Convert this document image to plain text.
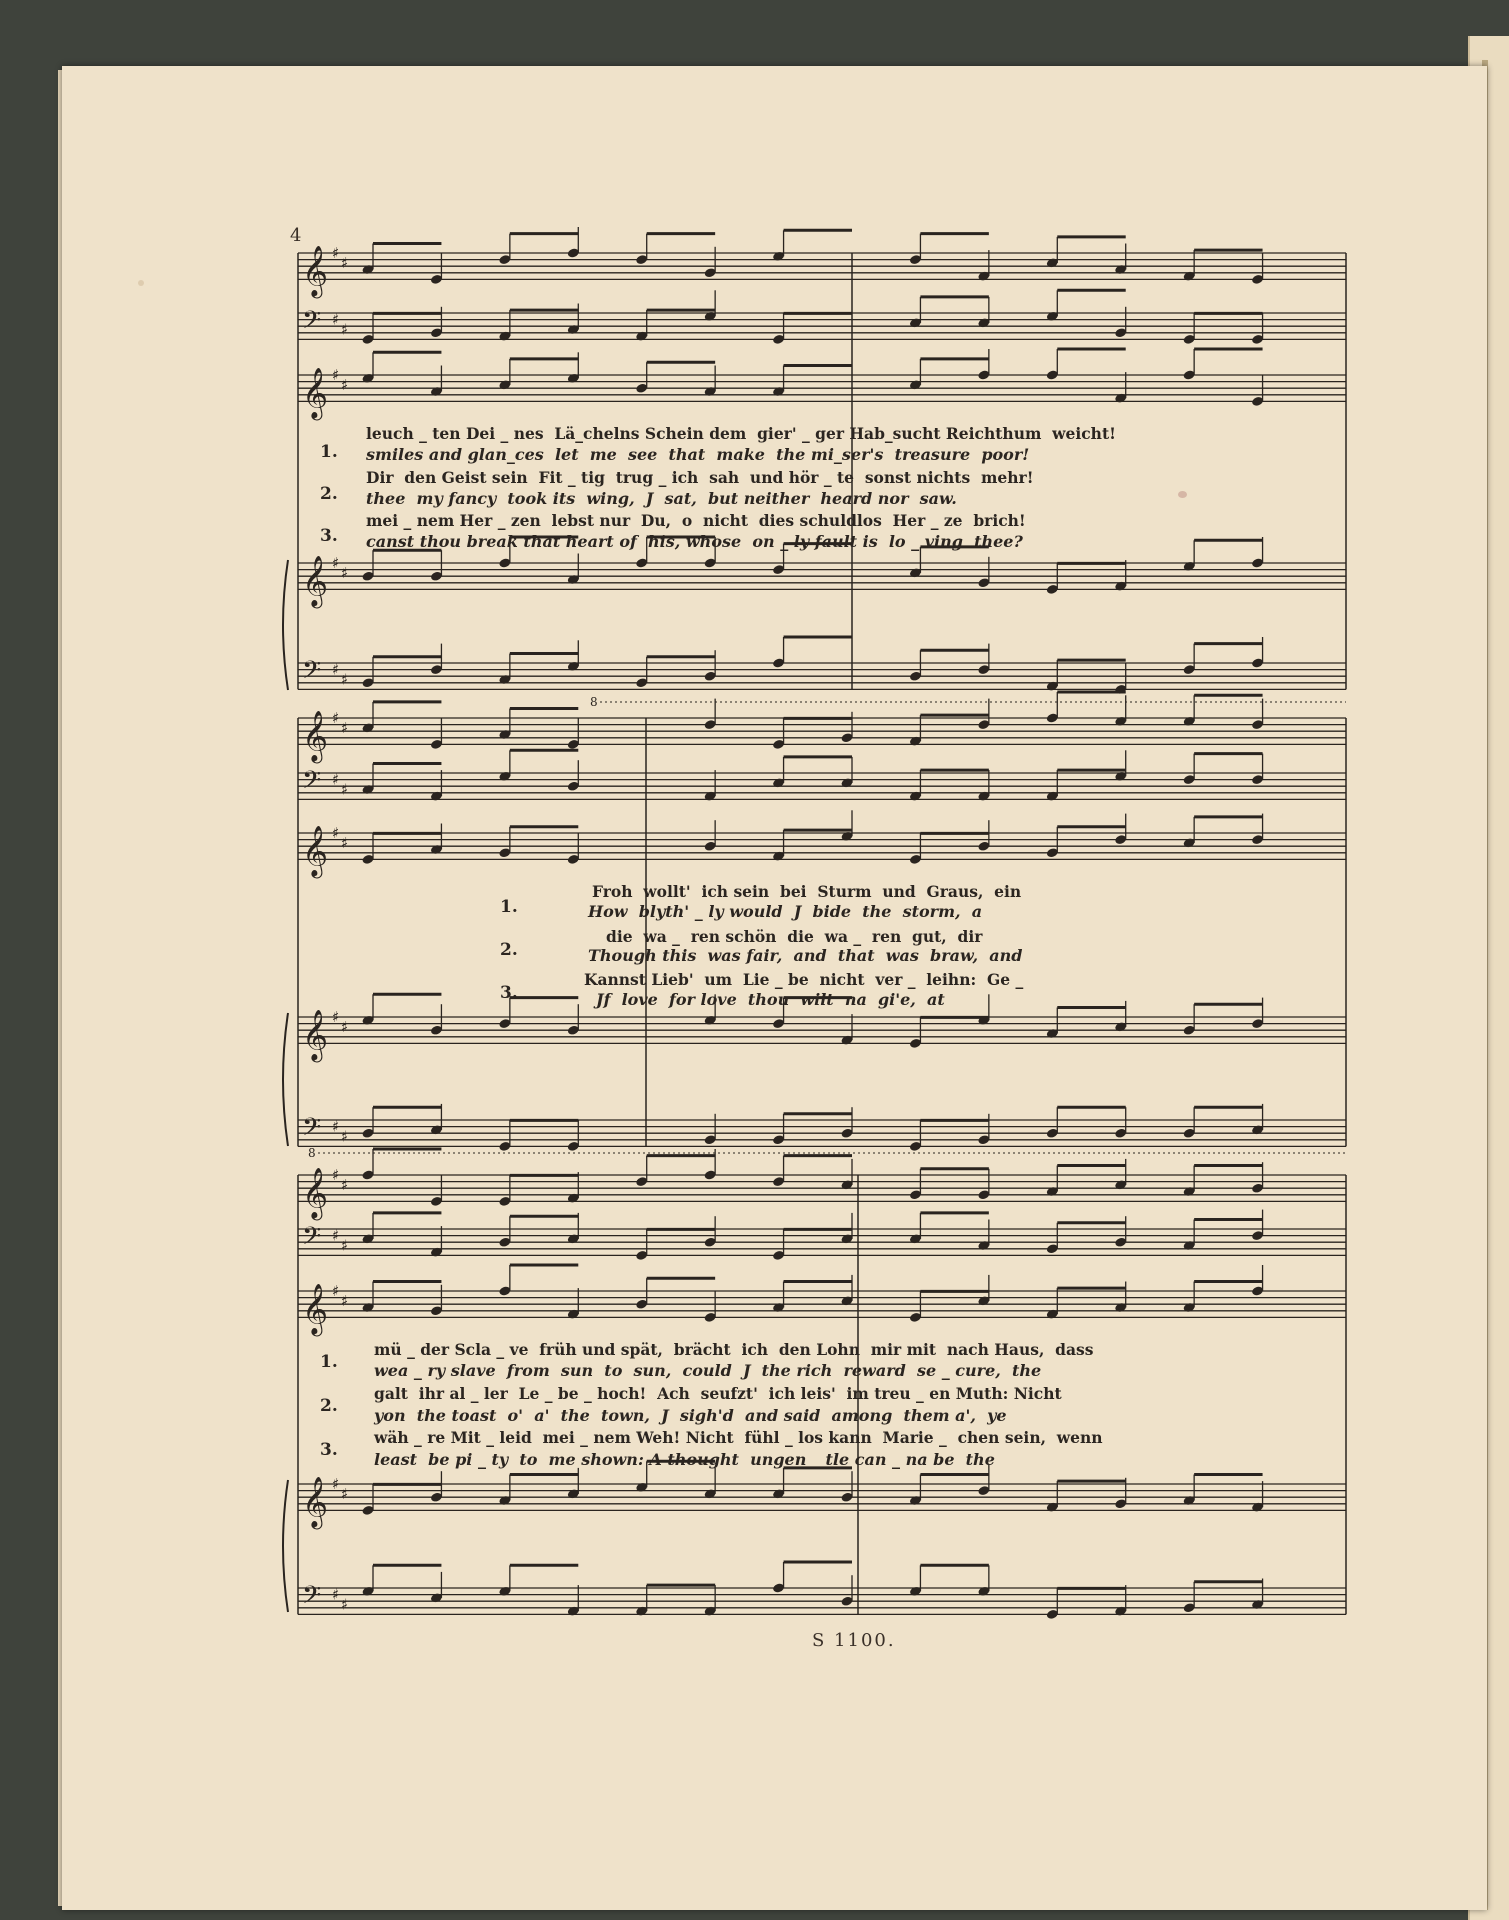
𝄞 ♯
♯
𝄢 ♯
♯
𝄞 ♯
♯
𝄞 ♯
♯
𝄢 ♯
♯
𝄞 ♯
♯
𝄢 ♯
♯
𝄞 ♯
♯
𝄞 ♯
♯
𝄢 ♯
♯
𝄞 ♯
♯
𝄢 ♯
♯
𝄞 ♯
♯
𝄞 ♯
♯
𝄢 ♯
♯
8
8
4
1.
2.
3.
leuch _ ten Dei _ nes  Lä_chelns Schein dem  gier' _ ger Hab_sucht Reichthum  weicht!
smiles and glan_ces  let  me  see  that  make  the mi_ser's  treasure  poor!
Dir  den Geist sein  Fit _ tig  trug _ ich  sah  und hör _ te  sonst nichts  mehr!
thee  my fancy  took its  wing,  J  sat,  but neither  heard nor  saw.
mei _ nem Her _ zen  lebst nur  Du,  o  nicht  dies schuldlos  Her _ ze  brich!
canst thou break that heart of  his, whose  on _ ly fault is  lo _ ving  thee?
1.
2.
3.
Froh  wollt'  ich sein  bei  Sturm  und  Graus,  ein
How  blyth' _ ly would  J  bide  the  storm,  a
die  wa _  ren schön  die  wa _  ren  gut,  dir
Though this  was fair,  and  that  was  braw,  and
Kannst Lieb'  um  Lie _ be  nicht  ver _  leihn:  Ge _
Jf  love  for love  thou  wilt  na  gi'e,  at
1.
2.
3.
mü _ der Scla _ ve  früh und spät,  brächt  ich  den Lohn  mir mit  nach Haus,  dass
wea _ ry slave  from  sun  to  sun,  could  J  the rich  reward  se _ cure,  the
galt  ihr al _ ler  Le _ be _ hoch!  Ach  seufzt'  ich leis'  im treu _ en Muth: Nicht
yon  the toast  o'  a'  the  town,  J  sigh'd  and said  among  them a',  ye
wäh _ re Mit _ leid  mei _ nem Weh! Nicht  fühl _ los kann  Marie _  chen sein,  wenn
least  be pi _ ty  to  me shown: A thought  ungen _ tle can _ na be  the
S 1100.
